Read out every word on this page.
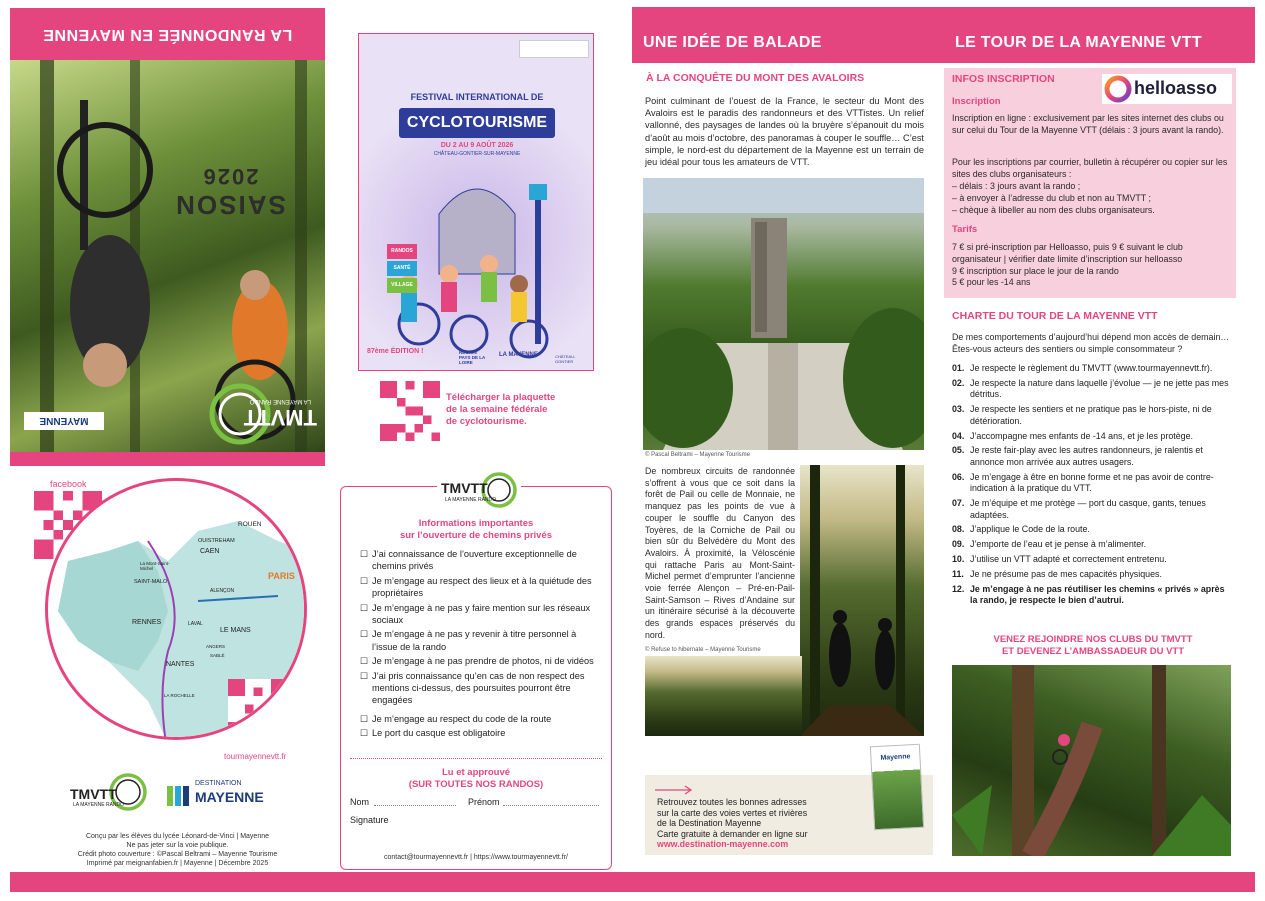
LA RANDONNÉE EN MAYENNE
SAISON
2026
TMVTT
LA MAYENNE RANDO
MAYENNE
facebook
ROUEN
OUISTREHAM
CAEN
La Mont-Saint-Michel
SAINT-MALO
ALENÇON
PARIS
RENNES	LAVAL
LE MANS
NANTES
SABLÉ
ANGERS
LA ROCHELLE
tourmayennevtt.fr
TMVTT
LA MAYENNE RANDO
DESTINATION
MAYENNE
Conçu par les élèves du lycée Léonard-de-Vinci | Mayenne
Ne pas jeter sur la voie publique.
Crédit photo couverture : ©Pascal Beltrami – Mayenne Tourisme
Imprimé par meignanfabien.fr | Mayenne | Décembre 2025
FESTIVAL INTERNATIONAL DE
CYCLOTOURISME
DU 2 AU 9 AOÛT 2026
CHÂTEAU-GONTIER-SUR-MAYENNE
RANDOS
SANTÉ
VILLAGE
87ème ÉDITION !	RÉGION PAYS DE LA LOIRE
LA MAYENNE	CHÂTEAU-GONTIER
Télécharger la plaquette
de la semaine fédérale
de cyclotourisme.
TMVTT
LA MAYENNE RANDO
Informations importantes
sur l’ouverture de chemins privés
☐ J’ai connaissance de l’ouverture exceptionnelle de chemins privés
☐ Je m’engage au respect des lieux et à la quiétude des propriétaires
☐ Je m’engage à ne pas y faire mention sur les réseaux sociaux
☐ Je m’engage à ne pas y revenir à titre personnel à l’issue de la rando
☐ Je m’engage à ne pas prendre de photos, ni de vidéos
☐ J’ai pris connaissance qu’en cas de non respect des mentions ci-dessus, des poursuites pourront être engagées
☐ Je m’engage au respect du code de la route
☐ Le port du casque est obligatoire
Lu et approuvé
(SUR TOUTES NOS RANDOS)
Nom	Prénom
Signature
contact@tourmayennevtt.fr | https://www.tourmayennevtt.fr/
UNE IDÉE DE BALADE	LE TOUR DE LA MAYENNE VTT
À LA CONQUÊTE DU MONT DES AVALOIRS
Point culminant de l’ouest de la France, le secteur du Mont des Avaloirs est le paradis des randonneurs et des VTTistes. Un relief vallonné, des paysages de landes où la bruyère s’épanouit du mois d’août au mois d’octobre, des panoramas à couper le souffle… C’est simple, le nord-est du département de la Mayenne est un terrain de jeu idéal pour tous les amateurs de VTT.
© Pascal Beltrami – Mayenne Tourisme
De nombreux circuits de randonnée s’offrent à vous que ce soit dans la forêt de Pail ou celle de Monnaie, ne manquez pas les points de vue à couper le souffle du Canyon des Toyères, de la Corniche de Pail ou bien sûr du Belvédère du Mont des Avaloirs. À proximité, la Véloscénie qui rattache Paris au Mont-Saint-Michel permet d’emprunter l’ancienne voie ferrée Alençon – Pré-en-Pail-Saint-Samson – Rives d’Andaine sur un itinéraire sécurisé à la découverte des grands espaces préservés du nord.
© Refuse to hibernate – Mayenne Tourisme
Retrouvez toutes les bonnes adresses
sur la carte des voies vertes et rivières
de la Destination Mayenne
Carte gratuite à demander en ligne sur
www.destination-mayenne.com
Mayenne
INFOS INSCRIPTION	helloasso
Inscription
Inscription en ligne : exclusivement par les sites internet des clubs ou sur celui du Tour de la Mayenne VTT (délais : 3 jours avant la rando).
Pour les inscriptions par courrier, bulletin à récupérer ou copier sur les sites des clubs organisateurs :
– délais : 3 jours avant la rando ;
– à envoyer à l’adresse du club et non au TMVTT ;
– chèque à libeller au nom des clubs organisateurs.
Tarifs
7 € si pré-inscription par Helloasso, puis 9 € suivant le club organisateur | vérifier date limite d’inscription sur helloasso
9 € inscription sur place le jour de la rando
5 € pour les -14 ans
CHARTE DU TOUR DE LA MAYENNE VTT
De mes comportements d’aujourd’hui dépend mon accès de demain… Êtes-vous acteurs des sentiers ou simple consommateur ?
01. Je respecte le règlement du TMVTT (www.tourmayennevtt.fr).
02. Je respecte la nature dans laquelle j’évolue — je ne jette pas mes détritus.
03. Je respecte les sentiers et ne pratique pas le hors-piste, ni de détérioration.
04. J’accompagne mes enfants de -14 ans, et je les protège.
05. Je reste fair-play avec les autres randonneurs, je ralentis et annonce mon arrivée aux autres usagers.
06. Je m’engage à être en bonne forme et ne pas avoir de contre-indication à la pratique du VTT.
07. Je m’équipe et me protège — port du casque, gants, tenues adaptées.
08. J’applique le Code de la route.
09. J’emporte de l’eau et je pense à m’alimenter.
10. J’utilise un VTT adapté et correctement entretenu.
11. Je ne présume pas de mes capacités physiques.
12. Je m’engage à ne pas réutiliser les chemins « privés » après la rando, je respecte le bien d’autrui.
VENEZ REJOINDRE NOS CLUBS DU TMVTT
ET DEVENEZ L’AMBASSADEUR DU VTT
